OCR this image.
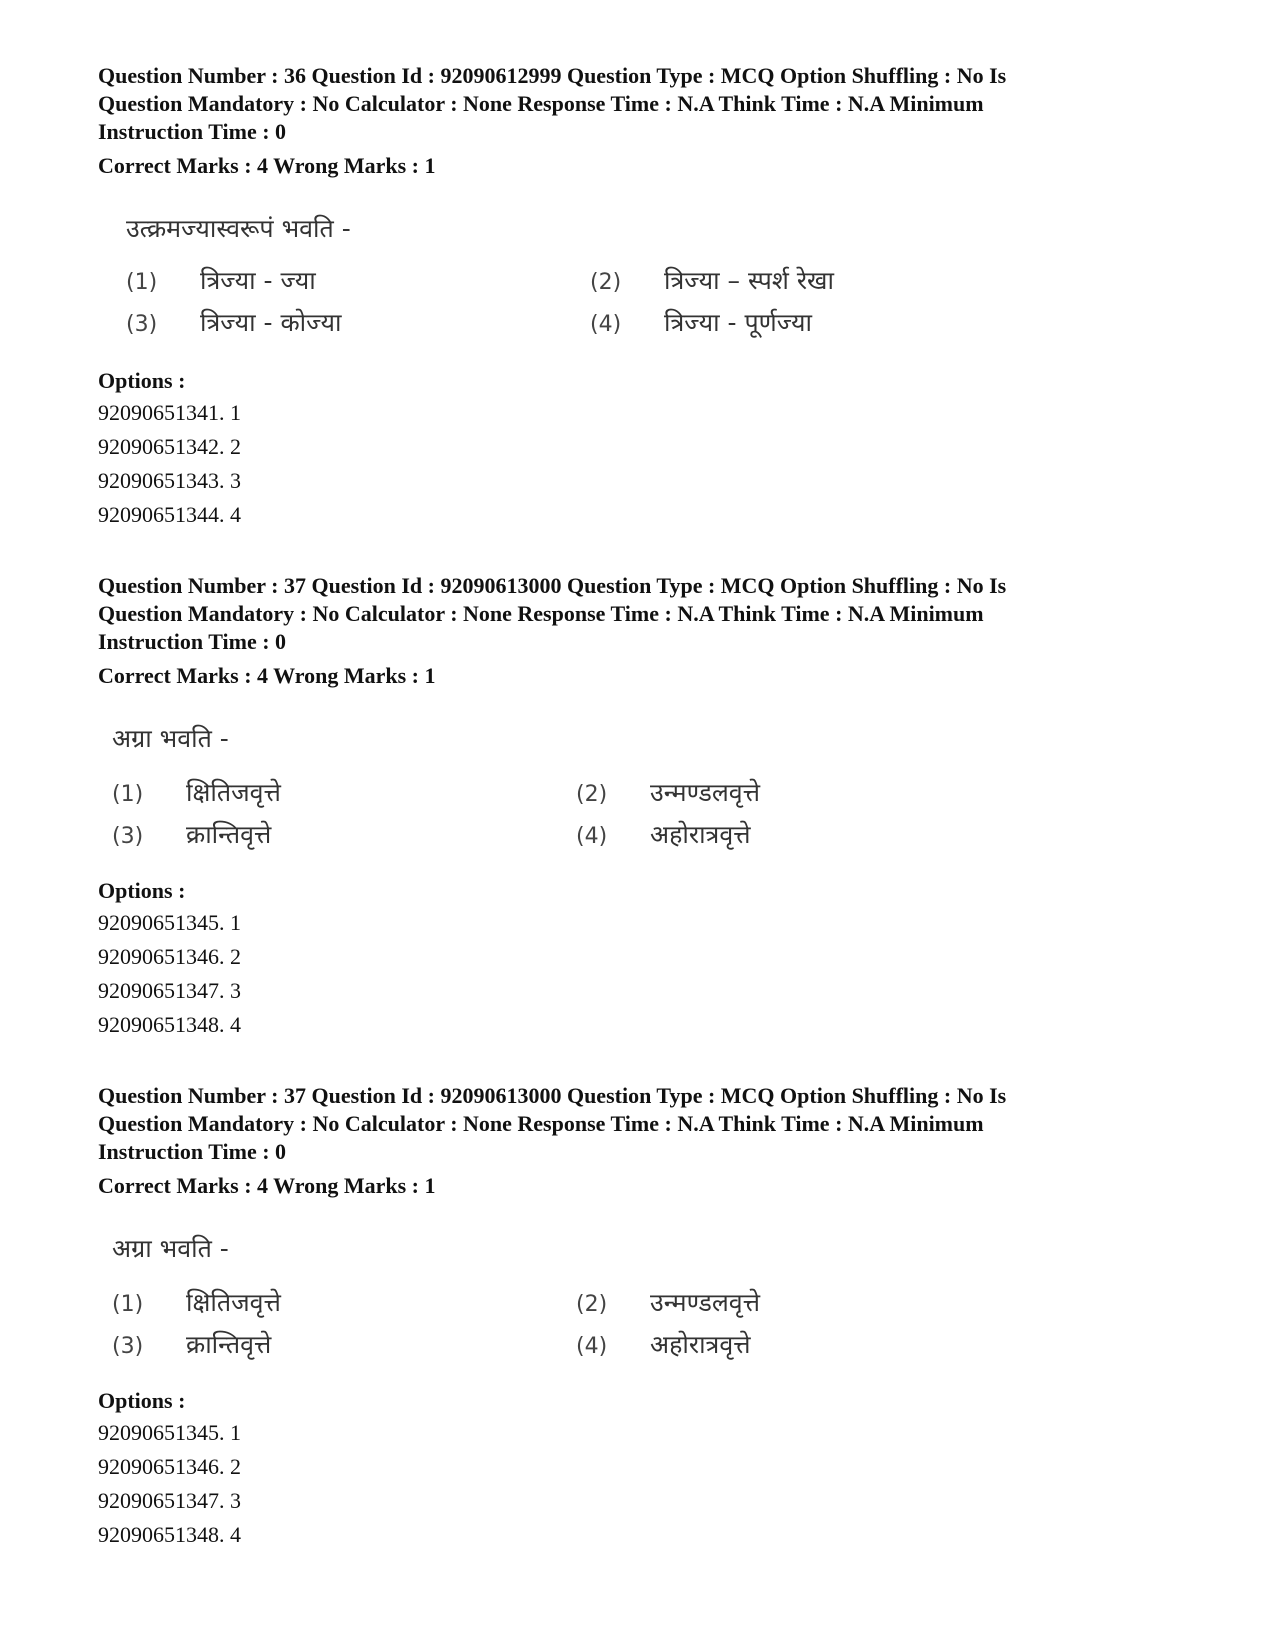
Question Number : 36 Question Id : 92090612999 Question Type : MCQ Option Shuffling : No Is
Question Mandatory : No Calculator : None Response Time : N.A Think Time : N.A Minimum
Instruction Time : 0
Correct Marks : 4 Wrong Marks : 1
उत्क्रमज्यास्वरूपं भवति -
(1) त्रिज्या - ज्या	(2) त्रिज्या – स्पर्श रेखा
(3) त्रिज्या - कोज्या	(4) त्रिज्या - पूर्णज्या
Options :
92090651341. 1
92090651342. 2
92090651343. 3
92090651344. 4
Question Number : 37 Question Id : 92090613000 Question Type : MCQ Option Shuffling : No Is
Question Mandatory : No Calculator : None Response Time : N.A Think Time : N.A Minimum
Instruction Time : 0
Correct Marks : 4 Wrong Marks : 1
अग्रा भवति -
(1) क्षितिजवृत्ते	(2) उन्मण्डलवृत्ते
(3) क्रान्तिवृत्ते	(4) अहोरात्रवृत्ते
Options :
92090651345. 1
92090651346. 2
92090651347. 3
92090651348. 4
Question Number : 37 Question Id : 92090613000 Question Type : MCQ Option Shuffling : No Is
Question Mandatory : No Calculator : None Response Time : N.A Think Time : N.A Minimum
Instruction Time : 0
Correct Marks : 4 Wrong Marks : 1
अग्रा भवति -
(1) क्षितिजवृत्ते	(2) उन्मण्डलवृत्ते
(3) क्रान्तिवृत्ते	(4) अहोरात्रवृत्ते
Options :
92090651345. 1
92090651346. 2
92090651347. 3
92090651348. 4
